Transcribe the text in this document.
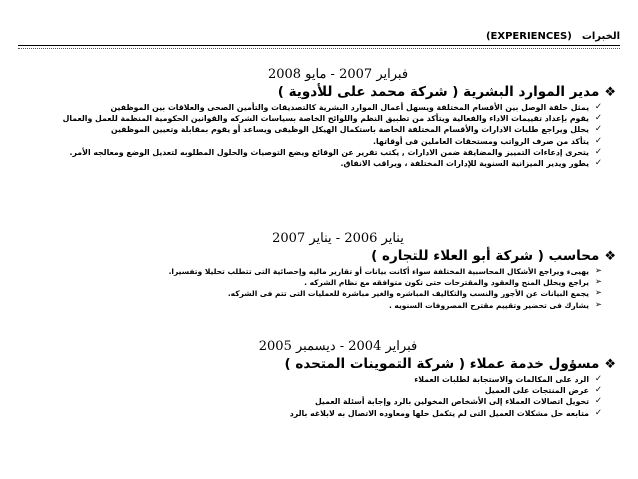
الخبرات
(EXPERIENCES)
فبراير 2007 - مايو 2008
❖
مدير الموارد البشرية ( شركة محمد على للأدوية )
✓
يمثل حلقة الوصل بين الأقسام المختلفة ويسهل أعمال الموارد البشرية كالتصديقات والتأمين الصحى والعلاقات بين الموظفين
✓
يقوم بإعداد تقييمات الاداء والفعالية ويتأكد من تطبيق النظم واللوائح الخاصة بسياسات الشركه والقوانين الحكومية المنظمة للعمل والعمال
✓
يحلل ويراجع طلبات الادارات والأقسام المختلفة الخاصة باستكمال الهيكل الوظيفى ويساعد أو يقوم بمقابلة وتعيين الموظفين
✓
يتأكد من صرف الرواتب ومستحقات العاملين فى أوقاتها.
✓
يتحرى إدعاءات التمييز والمضايقة ضمن الادارات , يكتب تقرير عن الوقائع ويضع التوصيات والحلول المطلوبه لتعديل الوضع ومعالجه الأمر.
✓
يطور ويدير الميزانية السنوية للإدارات المختلفة ، ويراقب الانفاق.
يناير 2006 - يناير 2007
❖
محاسب ( شركة أبو العلاء للتجاره )
➢
يهيىء ويراجع الأشكال المحاسبية المختلفة سواء أكانت بيانات أو تقارير ماليه وإحصائية التى تتطلب تحليلا وتفسيرا.
➢
يراجع ويحلل المنح والعقود والمقترحات حتى تكون متوافقه مع نظام الشركه .
➢
يجمع البيانات عن الأجور والنسب والتكاليف المباشره والغير مباشرة للعمليات التى تتم فى الشركه.
➢
يشارك فى تحضير وتقييم مقترح المصروفات السنويه .
فبراير 2004 - ديسمبر 2005
❖
مسؤول خدمة عملاء ( شركة التموينات المتحده )
✓
الرد على المكالمات والاستجابة لطلبات العملاء
✓
عرض المنتجات على العميل
✓
تحويل اتصالات العملاء إلى الأشخاص المخولين بالرد وإجابة أسئلة العميل
✓
متابعه حل مشكلات العميل التى لم يتكمل حلها ومعاوده الاتصال به لابلاغه بالرد
